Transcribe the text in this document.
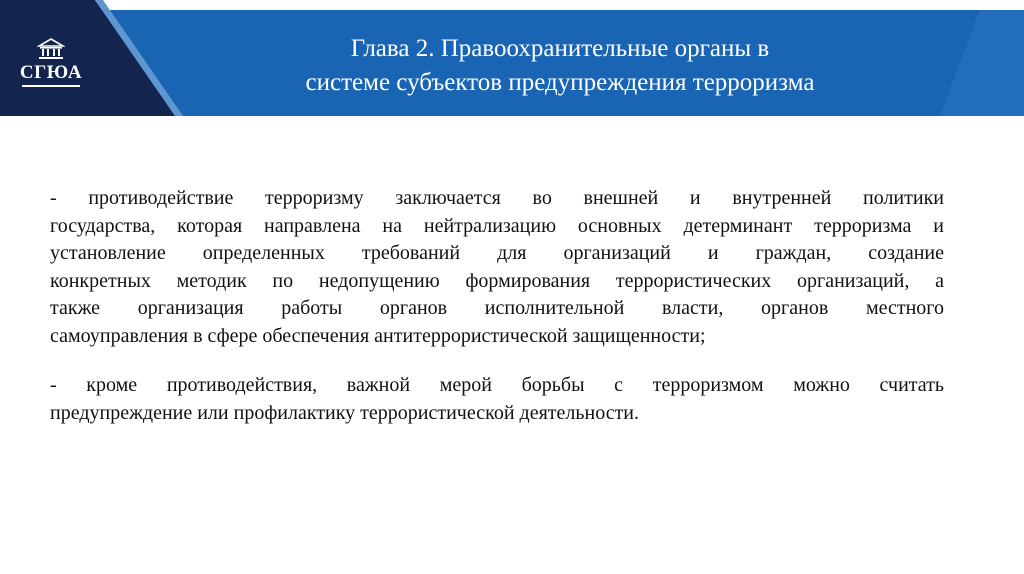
СГЮА
Глава 2. Правоохранительные органы в
системе субъектов предупреждения терроризма
- противодействие терроризму заключается во внешней и внутренней политики
государства, которая направлена на нейтрализацию основных детерминант терроризма и
установление определенных требований для организаций и граждан, создание
конкретных методик по недопущению формирования террористических организаций, а
также организация работы органов исполнительной власти, органов местного
самоуправления в сфере обеспечения антитеррористической защищенности;
- кроме противодействия, важной мерой борьбы с терроризмом можно считать
предупреждение или профилактику террористической деятельности.
